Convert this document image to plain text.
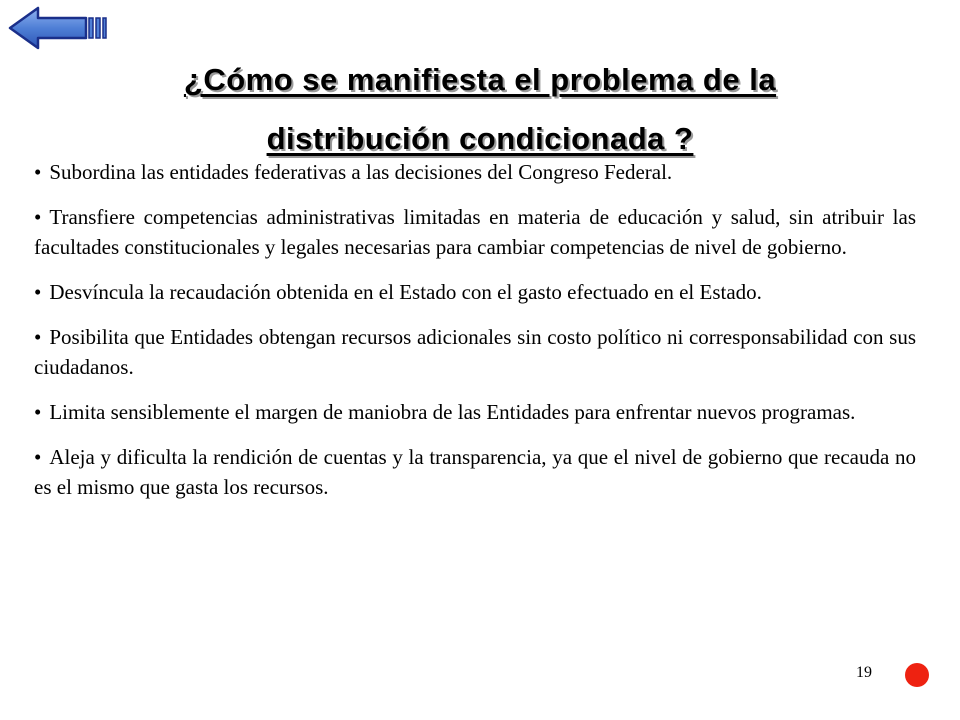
¿Cómo se manifiesta el problema de la
distribución condicionada ?
• Subordina las entidades federativas a las decisiones del Congreso Federal.
• Transfiere competencias administrativas limitadas en materia de educación y salud, sin atribuir las facultades constitucionales y legales necesarias para cambiar competencias de nivel de gobierno.
• Desvíncula la recaudación obtenida en el Estado con el gasto efectuado en el Estado.
• Posibilita que Entidades obtengan recursos adicionales sin costo político ni corresponsabilidad con sus ciudadanos.
• Limita sensiblemente el margen de maniobra de las Entidades para enfrentar nuevos programas.
• Aleja y dificulta la rendición de cuentas y la transparencia, ya que el nivel de gobierno que recauda no es el mismo que gasta los recursos.
19
